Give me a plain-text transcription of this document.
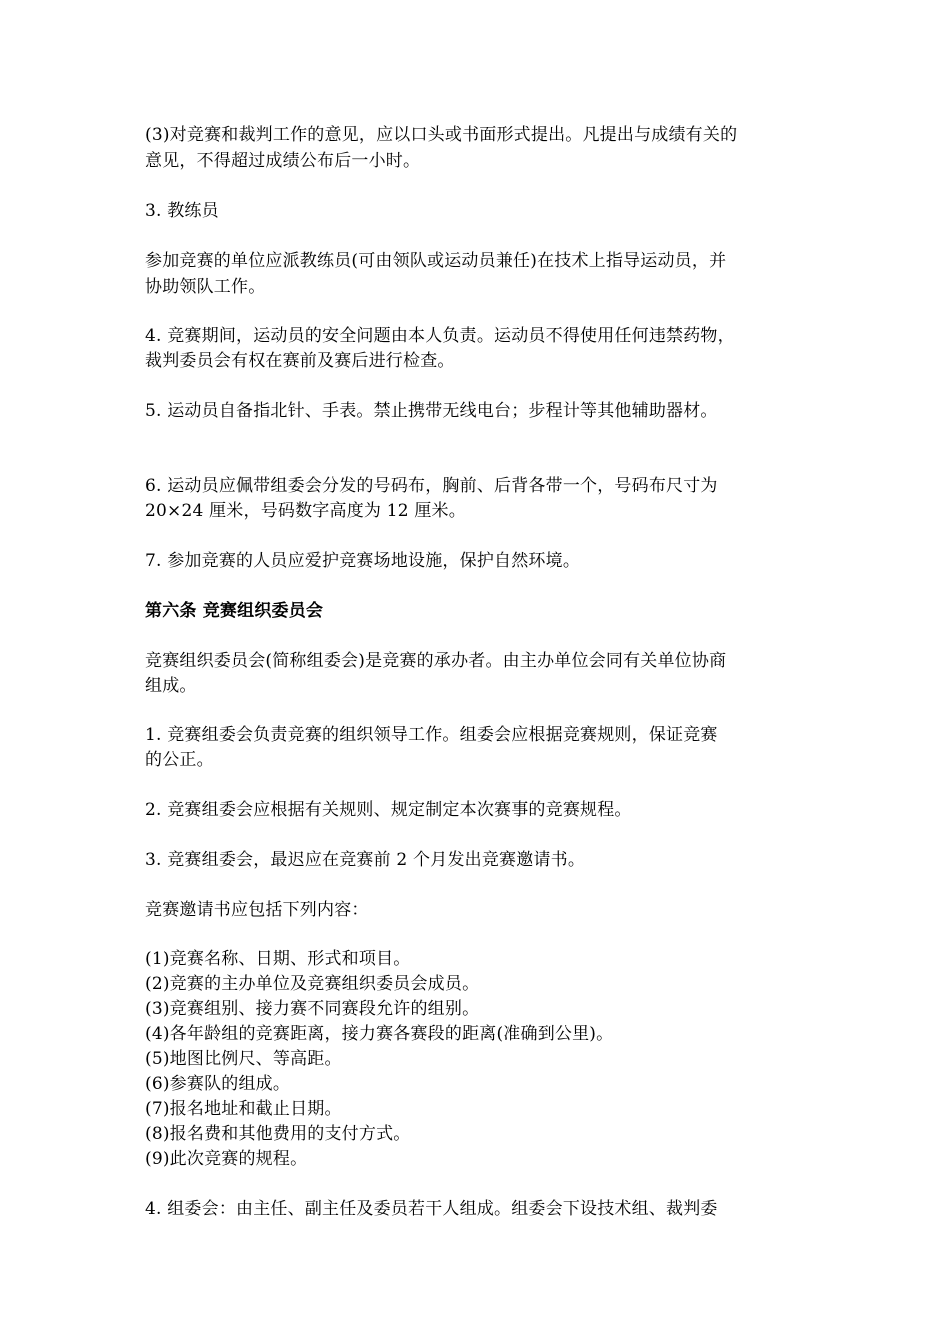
(3)对竞赛和裁判工作的意见，应以口头或书面形式提出。凡提出与成绩有关的
意见，不得超过成绩公布后一小时。
3. 教练员
参加竞赛的单位应派教练员(可由领队或运动员兼任)在技术上指导运动员，并
协助领队工作。
4. 竞赛期间，运动员的安全问题由本人负责。运动员不得使用任何违禁药物，
裁判委员会有权在赛前及赛后进行检查。
5. 运动员自备指北针、手表。禁止携带无线电台；步程计等其他辅助器材。
6. 运动员应佩带组委会分发的号码布，胸前、后背各带一个，号码布尺寸为
20×24 厘米，号码数字高度为 12 厘米。
7. 参加竞赛的人员应爱护竞赛场地设施，保护自然环境。
第六条 竞赛组织委员会
竞赛组织委员会(简称组委会)是竞赛的承办者。由主办单位会同有关单位协商
组成。
1. 竞赛组委会负责竞赛的组织领导工作。组委会应根据竞赛规则，保证竞赛
的公正。
2. 竞赛组委会应根据有关规则、规定制定本次赛事的竞赛规程。
3. 竞赛组委会，最迟应在竞赛前 2 个月发出竞赛邀请书。
竞赛邀请书应包括下列内容：
(1)竞赛名称、日期、形式和项目。
(2)竞赛的主办单位及竞赛组织委员会成员。
(3)竞赛组别、接力赛不同赛段允许的组别。
(4)各年龄组的竞赛距离，接力赛各赛段的距离(准确到公里)。
(5)地图比例尺、等高距。
(6)参赛队的组成。
(7)报名地址和截止日期。
(8)报名费和其他费用的支付方式。
(9)此次竞赛的规程。
4. 组委会：由主任、副主任及委员若干人组成。组委会下设技术组、裁判委
